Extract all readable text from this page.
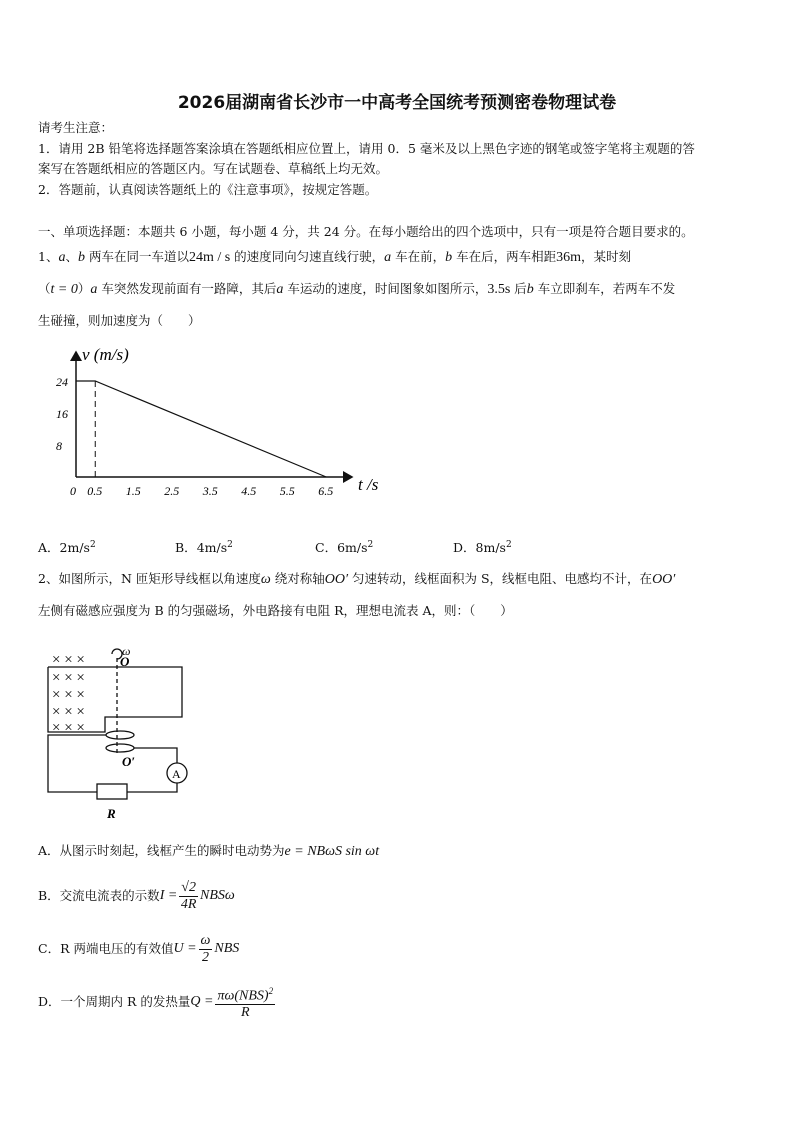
2026届湖南省长沙市一中高考全国统考预测密卷物理试卷
请考生注意：
1．请用 2B 铅笔将选择题答案涂填在答题纸相应位置上，请用 0．5 毫米及以上黑色字迹的钢笔或签字笔将主观题的答
案写在答题纸相应的答题区内。写在试题卷、草稿纸上均无效。
2．答题前，认真阅读答题纸上的《注意事项》，按规定答题。
一、单项选择题：本题共 6 小题，每小题 4 分，共 24 分。在每小题给出的四个选项中，只有一项是符合题目要求的。
1、a、b 两车在同一车道以24m / s 的速度同向匀速直线行驶，a 车在前，b 车在后，两车相距36m，某时刻
（t = 0）a 车突然发现前面有一路障，其后a 车运动的速度，时间图象如图所示，3.5s 后b 车立即刹车，若两车不发
生碰撞，则加速度为（　　）
v (m/s)
t /s
24
16
8
0 0.5 1.5 2.5 3.5 4.5 5.5 6.5
A．$2m/s^2$	B．$4m/s^2$	C．$6m/s^2$	D．$8m/s^2$
2、如图所示，N 匝矩形导线框以角速度ω 绕对称轴OO′ 匀速转动，线框面积为 S，线框电阻、电感均不计，在OO′
左侧有磁感应强度为 B 的匀强磁场，外电路接有电阻 R，理想电流表 A，则：（　　）
× × ×
× × ×
× × ×
× × ×
× × ×
ω
O
O′
A
R
A．从图示时刻起，线框产生的瞬时电动势为e = NBωS sin ωt
B．交流电流表的示数 $I = \frac{√2}{4R}$ NBSω
C．R 两端电压的有效值 $U = \frac{\omega}{2}$ NBS
D．一个周期内 R 的发热量 $Q = \frac{\pi\omega(NBS)^2}{R}$
